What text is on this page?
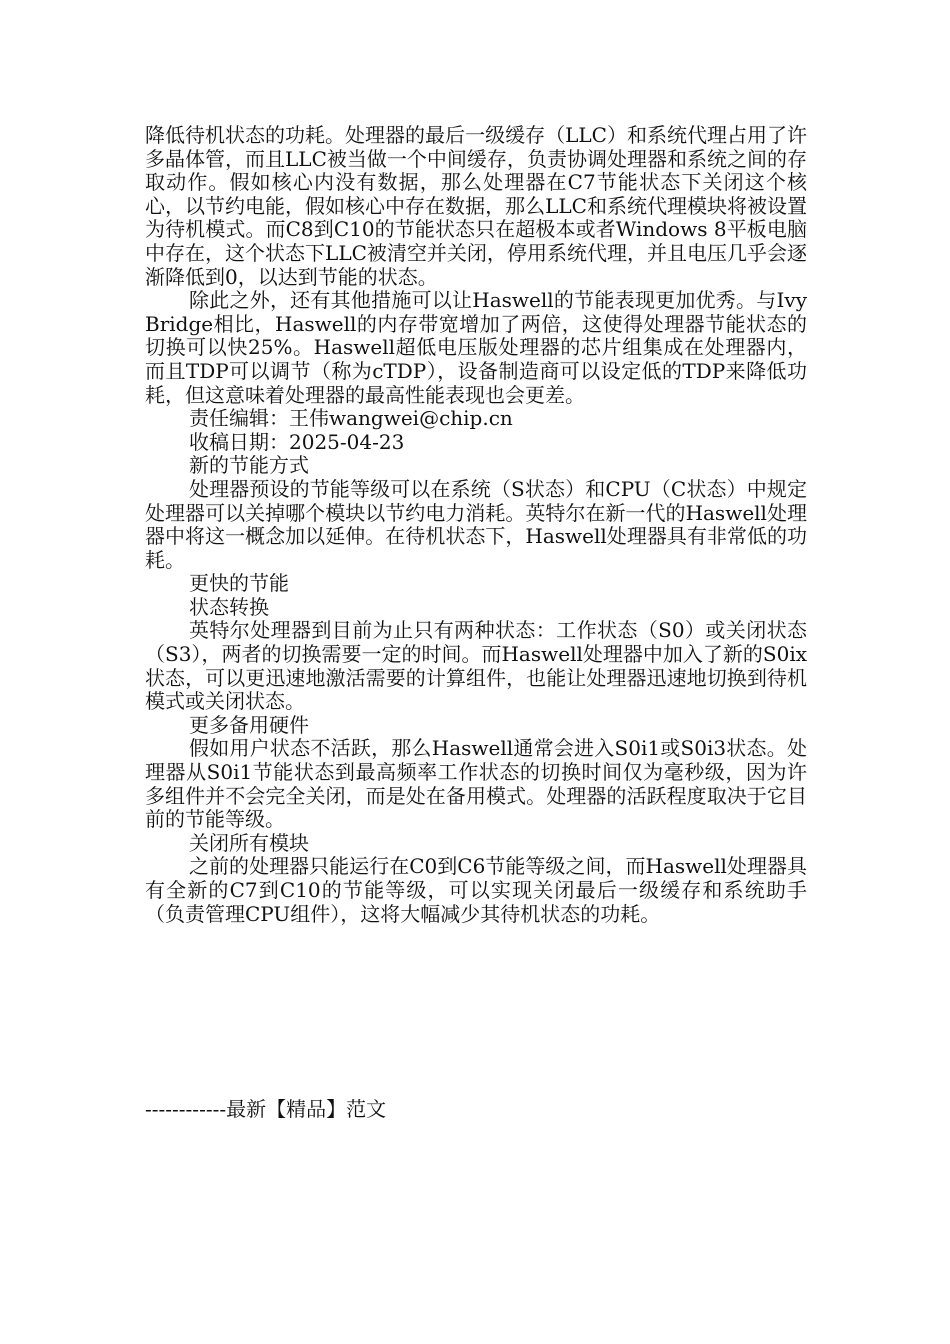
降低待机状态的功耗。处理器的最后一级缓存（LLC）和系统代理占用了许多晶体管，而且LLC被当做一个中间缓存，负责协调处理器和系统之间的存取动作。假如核心内没有数据，那么处理器在C7节能状态下关闭这个核心，以节约电能，假如核心中存在数据，那么LLC和系统代理模块将被设置为待机模式。而C8到C10的节能状态只在超极本或者Windows 8平板电脑中存在，这个状态下LLC被清空并关闭，停用系统代理，并且电压几乎会逐渐降低到0，以达到节能的状态。

除此之外，还有其他措施可以让Haswell的节能表现更加优秀。与Ivy Bridge相比，Haswell的内存带宽增加了两倍，这使得处理器节能状态的切换可以快25%。Haswell超低电压版处理器的芯片组集成在处理器内，而且TDP可以调节（称为cTDP），设备制造商可以设定低的TDP来降低功耗，但这意味着处理器的最高性能表现也会更差。

责任编辑：王伟wangwei@chip.cn

收稿日期：2025-04-23

新的节能方式

处理器预设的节能等级可以在系统（S状态）和CPU（C状态）中规定处理器可以关掉哪个模块以节约电力消耗。英特尔在新一代的Haswell处理器中将这一概念加以延伸。在待机状态下，Haswell处理器具有非常低的功耗。

更快的节能

状态转换

英特尔处理器到目前为止只有两种状态：工作状态（S0）或关闭状态（S3），两者的切换需要一定的时间。而Haswell处理器中加入了新的S0ix状态，可以更迅速地激活需要的计算组件，也能让处理器迅速地切换到待机模式或关闭状态。

更多备用硬件

假如用户状态不活跃，那么Haswell通常会进入S0i1或S0i3状态。处理器从S0i1节能状态到最高频率工作状态的切换时间仅为毫秒级，因为许多组件并不会完全关闭，而是处在备用模式。处理器的活跃程度取决于它目前的节能等级。

关闭所有模块

之前的处理器只能运行在C0到C6节能等级之间，而Haswell处理器具有全新的C7到C10的节能等级，可以实现关闭最后一级缓存和系统助手（负责管理CPU组件），这将大幅减少其待机状态的功耗。

------------最新【精品】范文
